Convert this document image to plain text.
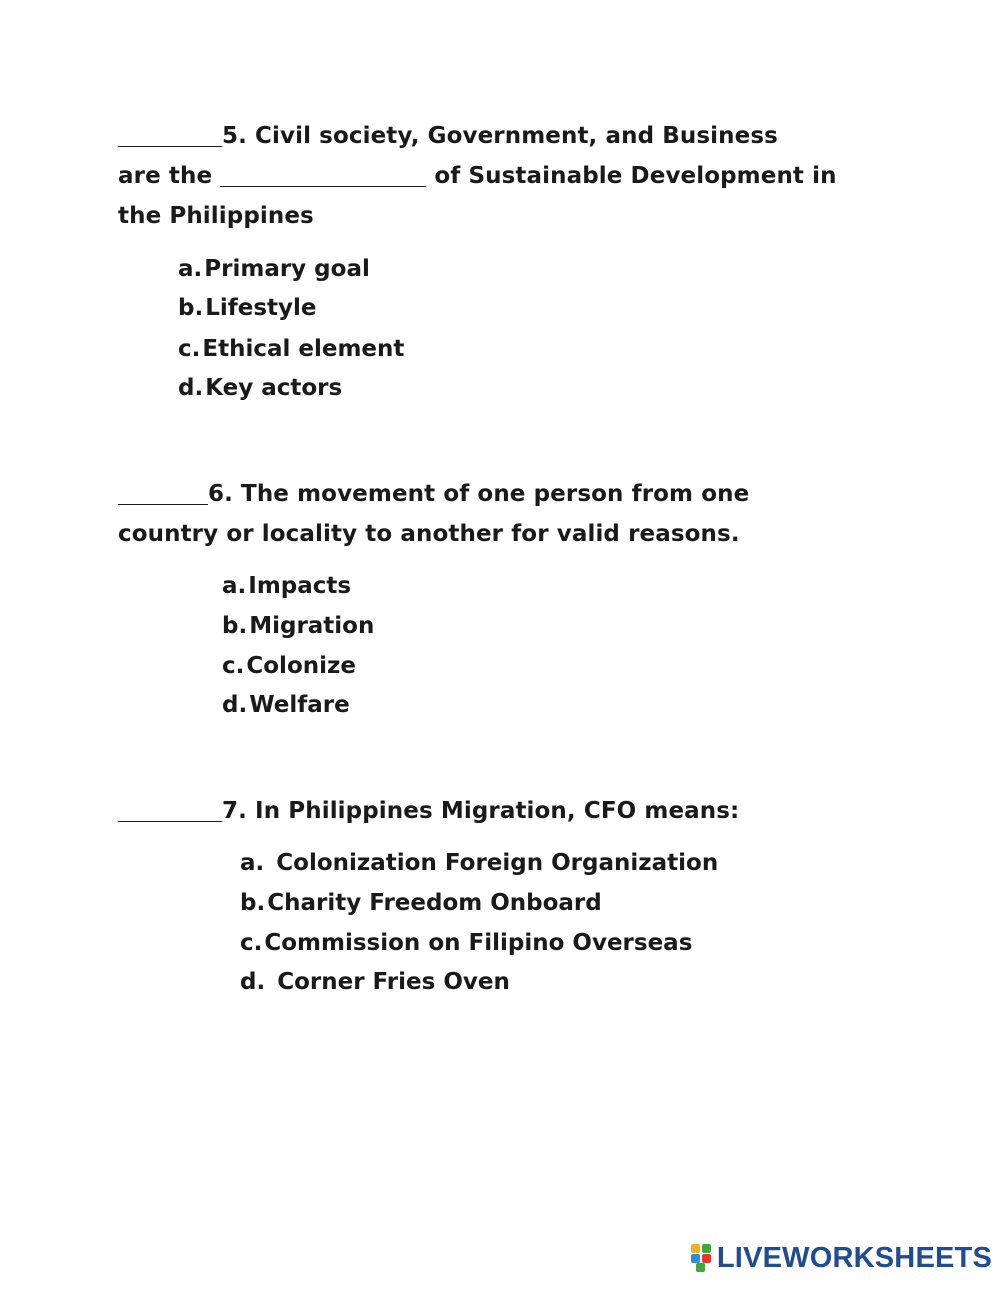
5. Civil society, Government, and Business
are the	of Sustainable Development in
the Philippines
a.Primary goal
b.Lifestyle
c.Ethical element
d.Key actors
6. The movement of one person from one
country or locality to another for valid reasons.
a.Impacts
b.Migration
c.Colonize
d.Welfare
7. In Philippines Migration, CFO means:
a. Colonization Foreign Organization
b.Charity Freedom Onboard
c.Commission on Filipino Overseas
d. Corner Fries Oven
LIVEWORKSHEETS
